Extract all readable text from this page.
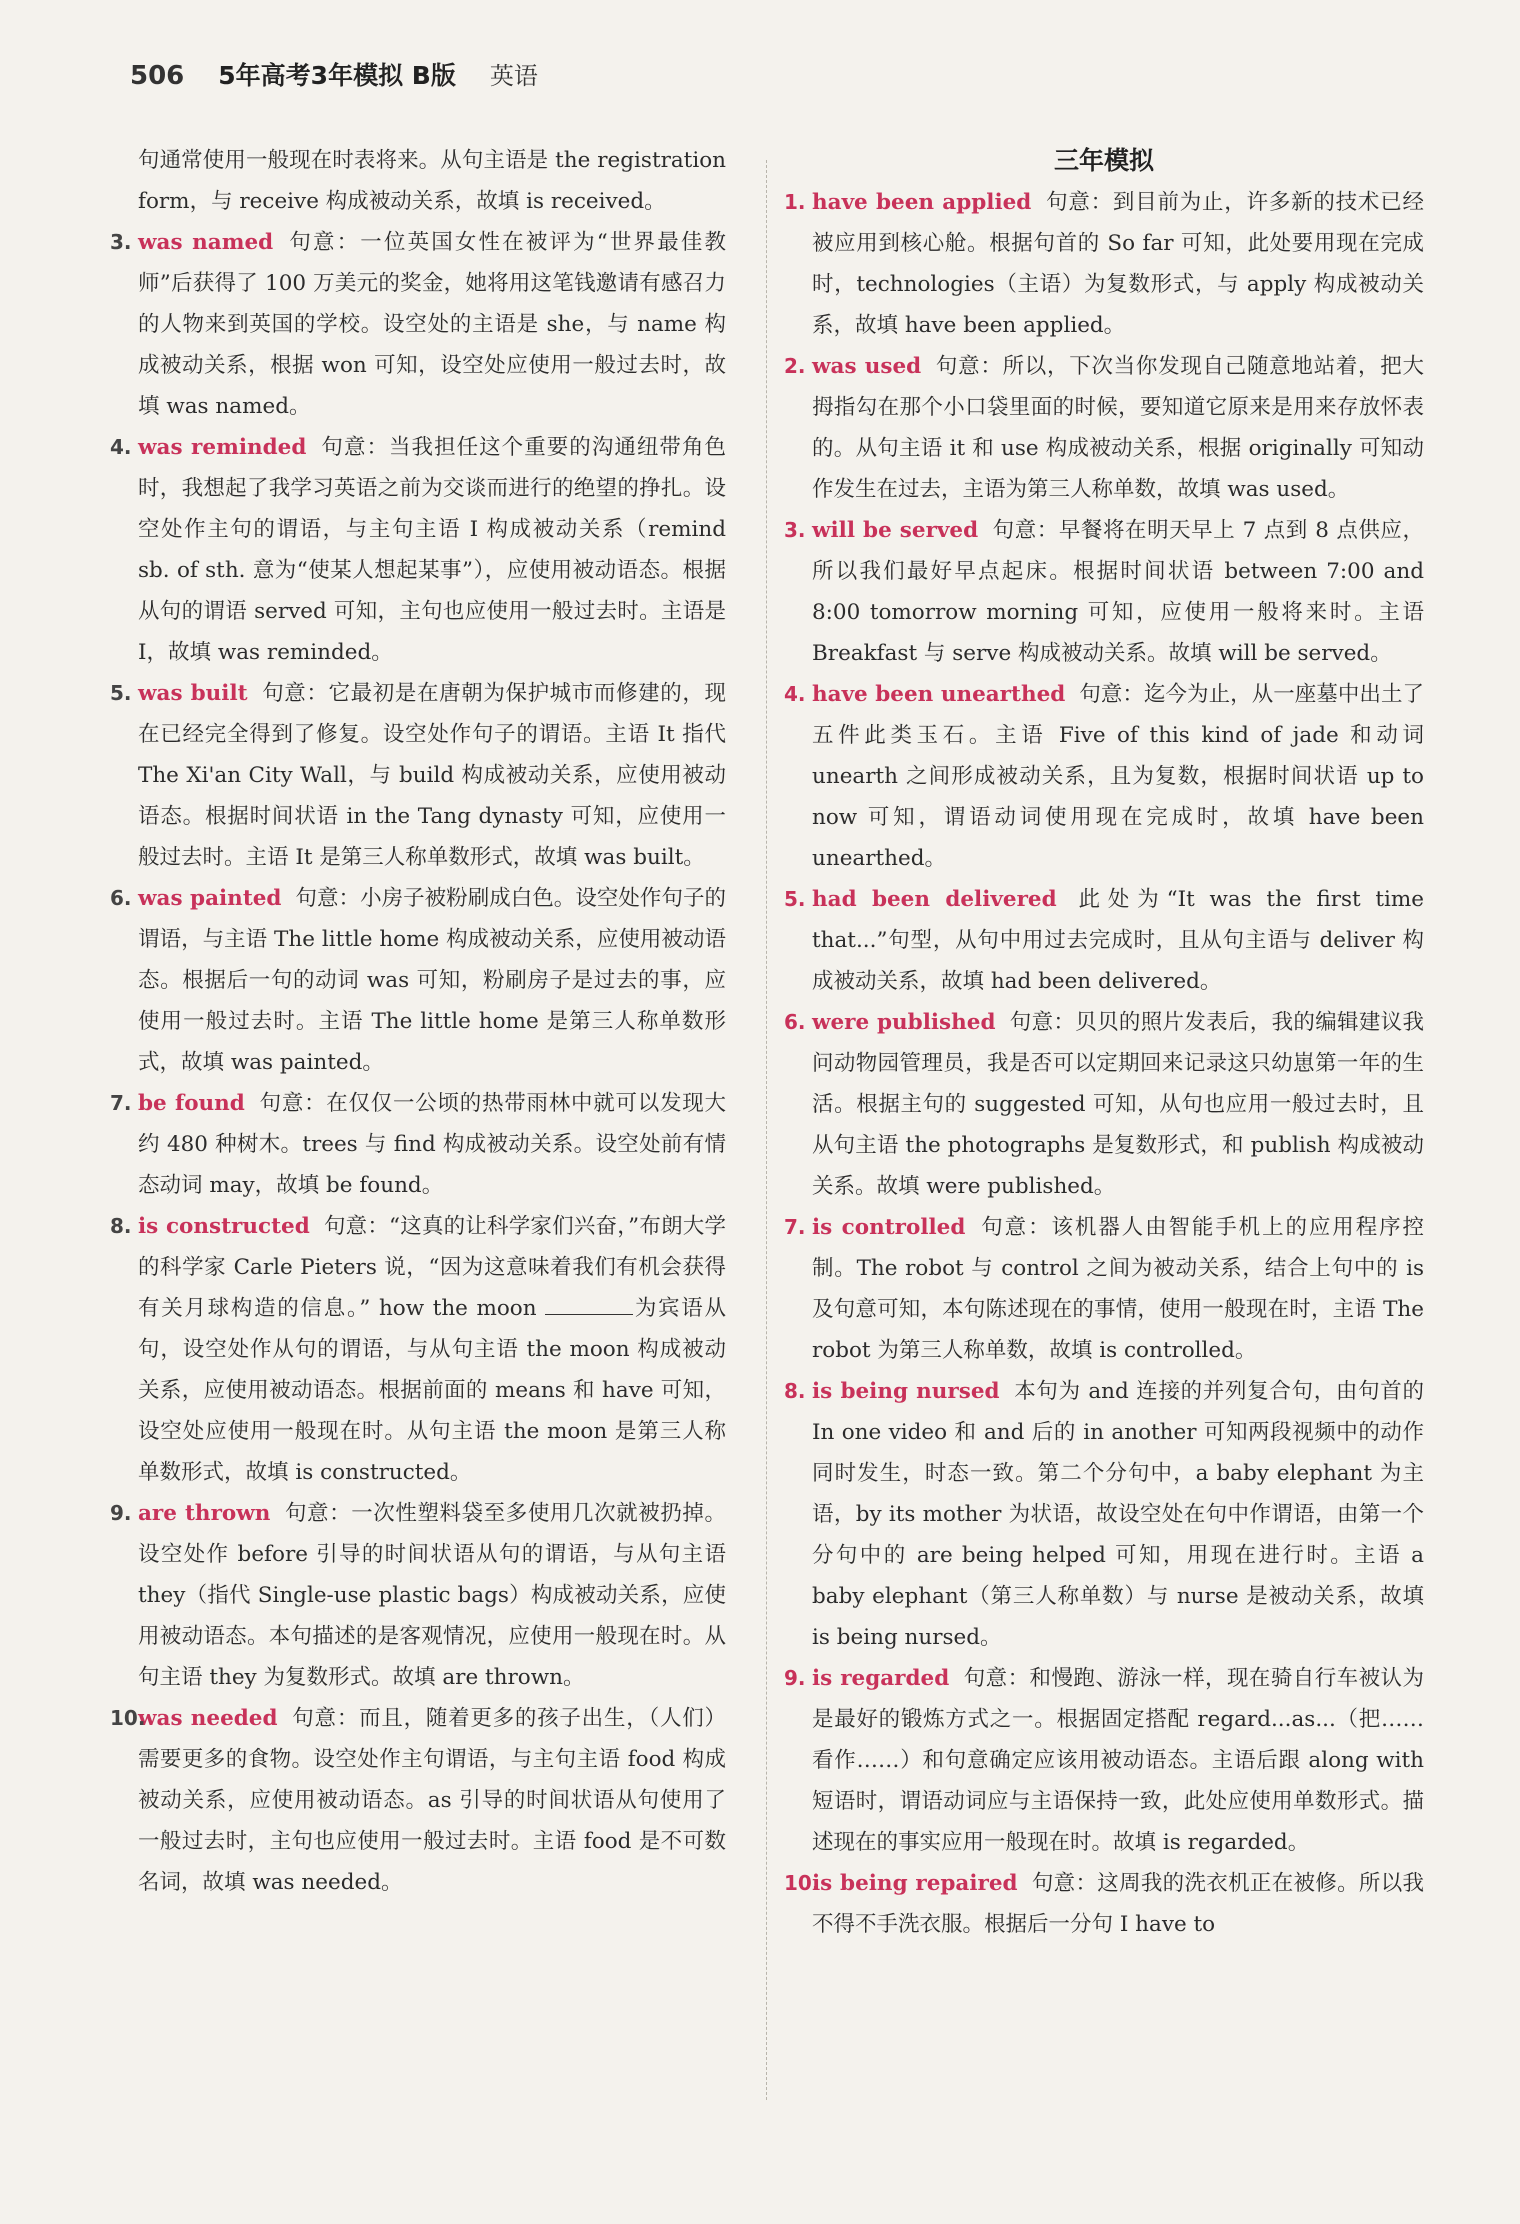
506 5年高考3年模拟 B版 英语

句通常使用一般现在时表将来。从句主语是 the registration form，与 receive 构成被动关系，故填 is received。

3. was named 句意：一位英国女性在被评为“世界最佳教师”后获得了 100 万美元的奖金，她将用这笔钱邀请有感召力的人物来到英国的学校。设空处的主语是 she，与 name 构成被动关系，根据 won 可知，设空处应使用一般过去时，故填 was named。

4. was reminded 句意：当我担任这个重要的沟通纽带角色时，我想起了我学习英语之前为交谈而进行的绝望的挣扎。设空处作主句的谓语，与主句主语 I 构成被动关系（remind sb. of sth. 意为“使某人想起某事”），应使用被动语态。根据从句的谓语 served 可知，主句也应使用一般过去时。主语是 I，故填 was reminded。

5. was built 句意：它最初是在唐朝为保护城市而修建的，现在已经完全得到了修复。设空处作句子的谓语。主语 It 指代 The Xi'an City Wall，与 build 构成被动关系，应使用被动语态。根据时间状语 in the Tang dynasty 可知，应使用一般过去时。主语 It 是第三人称单数形式，故填 was built。

6. was painted 句意：小房子被粉刷成白色。设空处作句子的谓语，与主语 The little home 构成被动关系，应使用被动语态。根据后一句的动词 was 可知，粉刷房子是过去的事，应使用一般过去时。主语 The little home 是第三人称单数形式，故填 was painted。

7. be found 句意：在仅仅一公顷的热带雨林中就可以发现大约 480 种树木。trees 与 find 构成被动关系。设空处前有情态动词 may，故填 be found。

8. is constructed 句意：“这真的让科学家们兴奋，”布朗大学的科学家 Carle Pieters 说，“因为这意味着我们有机会获得有关月球构造的信息。” how the moon	为宾语从句，设空处作从句的谓语，与从句主语 the moon 构成被动关系，应使用被动语态。根据前面的 means 和 have 可知，设空处应使用一般现在时。从句主语 the moon 是第三人称单数形式，故填 is constructed。

9. are thrown 句意：一次性塑料袋至多使用几次就被扔掉。设空处作 before 引导的时间状语从句的谓语，与从句主语 they（指代 Single-use plastic bags）构成被动关系，应使用被动语态。本句描述的是客观情况，应使用一般现在时。从句主语 they 为复数形式。故填 are thrown。

10.
was needed 句意：而且，随着更多的孩子出生，（人们）需要更多的食物。设空处作主句谓语，与主句主语 food 构成被动关系，应使用被动语态。as 引导的时间状语从句使用了一般过去时，主句也应使用一般过去时。主语 food 是不可数名词，故填 was needed。

三年模拟

1. have been applied 句意：到目前为止，许多新的技术已经被应用到核心舱。根据句首的 So far 可知，此处要用现在完成时，technologies（主语）为复数形式，与 apply 构成被动关系，故填 have been applied。

2. was used 句意：所以，下次当你发现自己随意地站着，把大拇指勾在那个小口袋里面的时候，要知道它原来是用来存放怀表的。从句主语 it 和 use 构成被动关系，根据 originally 可知动作发生在过去，主语为第三人称单数，故填 was used。

3. will be served 句意：早餐将在明天早上 7 点到 8 点供应，所以我们最好早点起床。根据时间状语 between 7:00 and 8:00 tomorrow morning 可知，应使用一般将来时。主语 Breakfast 与 serve 构成被动关系。故填 will be served。

4. have been unearthed 句意：迄今为止，从一座墓中出土了五件此类玉石。主语 Five of this kind of jade 和动词 unearth 之间形成被动关系，且为复数，根据时间状语 up to now 可知，谓语动词使用现在完成时，故填 have been unearthed。

5. had been delivered 此处为“It was the first time that...”句型，从句中用过去完成时，且从句主语与 deliver 构成被动关系，故填 had been delivered。

6. were published 句意：贝贝的照片发表后，我的编辑建议我问动物园管理员，我是否可以定期回来记录这只幼崽第一年的生活。根据主句的 suggested 可知，从句也应用一般过去时，且从句主语 the photographs 是复数形式，和 publish 构成被动关系。故填 were published。

7. is controlled 句意：该机器人由智能手机上的应用程序控制。The robot 与 control 之间为被动关系，结合上句中的 is 及句意可知，本句陈述现在的事情，使用一般现在时，主语 The robot 为第三人称单数，故填 is controlled。

8. is being nursed 本句为 and 连接的并列复合句，由句首的 In one video 和 and 后的 in another 可知两段视频中的动作同时发生，时态一致。第二个分句中，a baby elephant 为主语，by its mother 为状语，故设空处在句中作谓语，由第一个分句中的 are being helped 可知，用现在进行时。主语 a baby elephant（第三人称单数）与 nurse 是被动关系，故填 is being nursed。

9. is regarded 句意：和慢跑、游泳一样，现在骑自行车被认为是最好的锻炼方式之一。根据固定搭配 regard...as...（把……看作……）和句意确定应该用被动语态。主语后跟 along with 短语时，谓语动词应与主语保持一致，此处应使用单数形式。描述现在的事实应用一般现在时。故填 is regarded。

10.
is being repaired 句意：这周我的洗衣机正在被修。所以我不得不手洗衣服。根据后一分句 I have to
